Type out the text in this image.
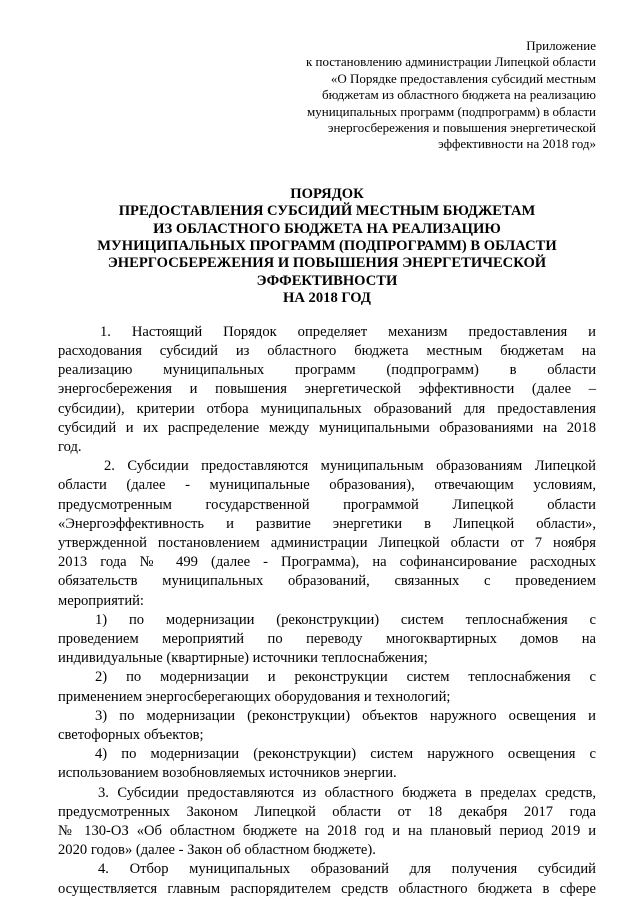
Приложение
к постановлению администрации Липецкой области
«О Порядке предоставления субсидий местным
бюджетам из областного бюджета на реализацию
муниципальных программ (подпрограмм) в области
энергосбережения и повышения энергетической
эффективности на 2018 год»
ПОРЯДОК
ПРЕДОСТАВЛЕНИЯ СУБСИДИЙ МЕСТНЫМ БЮДЖЕТАМ
ИЗ ОБЛАСТНОГО БЮДЖЕТА НА РЕАЛИЗАЦИЮ
МУНИЦИПАЛЬНЫХ ПРОГРАММ (ПОДПРОГРАММ) В ОБЛАСТИ
ЭНЕРГОСБЕРЕЖЕНИЯ И ПОВЫШЕНИЯ ЭНЕРГЕТИЧЕСКОЙ
ЭФФЕКТИВНОСТИ
НА 2018 ГОД
1. Настоящий Порядок определяет механизм предоставления и
расходования субсидий из областного бюджета местным бюджетам на
реализацию муниципальных программ (подпрограмм) в области
энергосбережения и повышения энергетической эффективности (далее –
субсидии), критерии отбора муниципальных образований для предоставления
субсидий и их распределение между муниципальными образованиями на 2018
год.
2. Субсидии предоставляются муниципальным образованиям Липецкой
области (далее - муниципальные образования), отвечающим условиям,
предусмотренным государственной программой Липецкой области
«Энергоэффективность и развитие энергетики в Липецкой области»,
утвержденной постановлением администрации Липецкой области от 7 ноября
2013 года № 499 (далее - Программа), на софинансирование расходных
обязательств муниципальных образований, связанных с проведением
мероприятий:
1) по модернизации (реконструкции) систем теплоснабжения с
проведением мероприятий по переводу многоквартирных домов на
индивидуальные (квартирные) источники теплоснабжения;
2) по модернизации и реконструкции систем теплоснабжения с
применением энергосберегающих оборудования и технологий;
3) по модернизации (реконструкции) объектов наружного освещения и
светофорных объектов;
4) по модернизации (реконструкции) систем наружного освещения с
использованием возобновляемых источников энергии.
3. Субсидии предоставляются из областного бюджета в пределах средств,
предусмотренных Законом Липецкой области от 18 декабря 2017 года
№ 130-ОЗ «Об областном бюджете на 2018 год и на плановый период 2019 и
2020 годов» (далее - Закон об областном бюджете).
4. Отбор муниципальных образований для получения субсидий
осуществляется главным распорядителем средств областного бюджета в сфере
